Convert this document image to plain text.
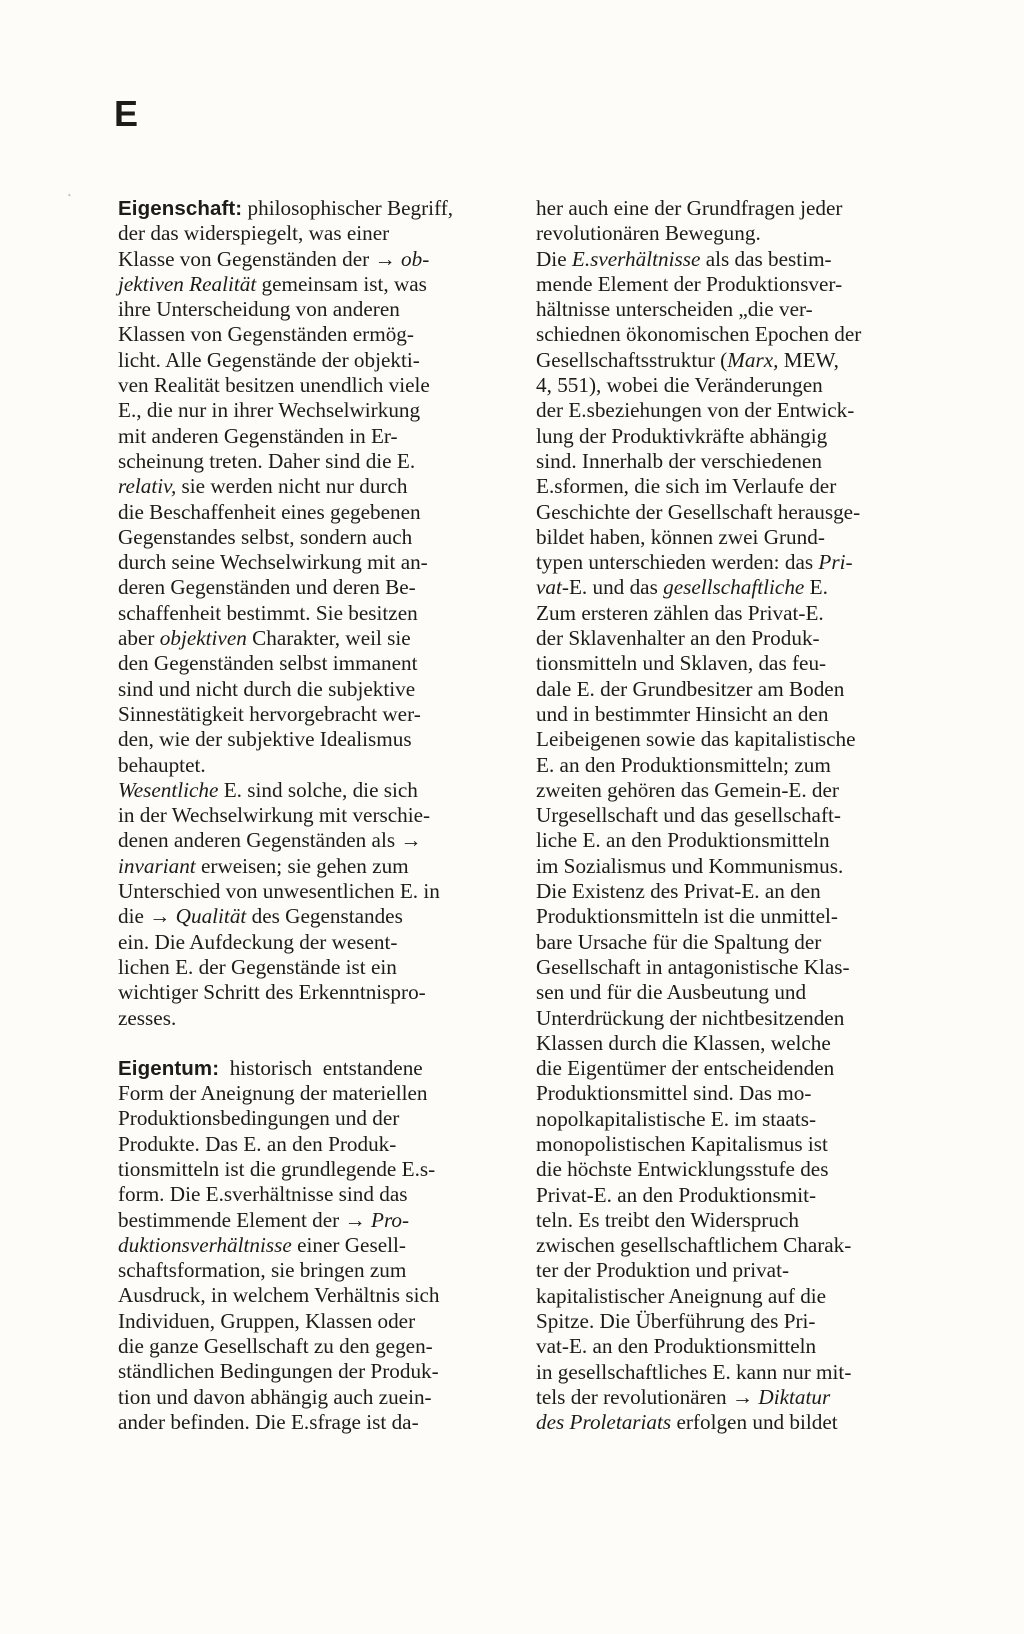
E
˛
Eigenschaft: philosophischer Begriff,
der das widerspiegelt, was einer
Klasse von Gegenständen der → ob-
jektiven Realität gemeinsam ist, was
ihre Unterscheidung von anderen
Klassen von Gegenständen ermög-
licht. Alle Gegenstände der objekti-
ven Realität besitzen unendlich viele
E., die nur in ihrer Wechselwirkung
mit anderen Gegenständen in Er-
scheinung treten. Daher sind die E.
relativ, sie werden nicht nur durch
die Beschaffenheit eines gegebenen
Gegenstandes selbst, sondern auch
durch seine Wechselwirkung mit an-
deren Gegenständen und deren Be-
schaffenheit bestimmt. Sie besitzen
aber objektiven Charakter, weil sie
den Gegenständen selbst immanent
sind und nicht durch die subjektive
Sinnestätigkeit hervorgebracht wer-
den, wie der subjektive Idealismus
behauptet.
Wesentliche E. sind solche, die sich
in der Wechselwirkung mit verschie-
denen anderen Gegenständen als →
invariant erweisen; sie gehen zum
Unterschied von unwesentlichen E. in
die → Qualität des Gegenstandes
ein. Die Aufdeckung der wesent-
lichen E. der Gegenstände ist ein
wichtiger Schritt des Erkenntnispro-
zesses.
Eigentum:  historisch  entstandene
Form der Aneignung der materiellen
Produktionsbedingungen und der
Produkte. Das E. an den Produk-
tionsmitteln ist die grundlegende E.s-
form. Die E.sverhältnisse sind das
bestimmende Element der → Pro-
duktionsverhältnisse einer Gesell-
schaftsformation, sie bringen zum
Ausdruck, in welchem Verhältnis sich
Individuen, Gruppen, Klassen oder
die ganze Gesellschaft zu den gegen-
ständlichen Bedingungen der Produk-
tion und davon abhängig auch zuein-
ander befinden. Die E.sfrage ist da-
her auch eine der Grundfragen jeder
revolutionären Bewegung.
Die E.sverhältnisse als das bestim-
mende Element der Produktionsver-
hältnisse unterscheiden „die ver-
schiednen ökonomischen Epochen der
Gesellschaftsstruktur (Marx, MEW,
4, 551), wobei die Veränderungen
der E.sbeziehungen von der Entwick-
lung der Produktivkräfte abhängig
sind. Innerhalb der verschiedenen
E.sformen, die sich im Verlaufe der
Geschichte der Gesellschaft herausge-
bildet haben, können zwei Grund-
typen unterschieden werden: das Pri-
vat-E. und das gesellschaftliche E.
Zum ersteren zählen das Privat-E.
der Sklavenhalter an den Produk-
tionsmitteln und Sklaven, das feu-
dale E. der Grundbesitzer am Boden
und in bestimmter Hinsicht an den
Leibeigenen sowie das kapitalistische
E. an den Produktionsmitteln; zum
zweiten gehören das Gemein-E. der
Urgesellschaft und das gesellschaft-
liche E. an den Produktionsmitteln
im Sozialismus und Kommunismus.
Die Existenz des Privat-E. an den
Produktionsmitteln ist die unmittel-
bare Ursache für die Spaltung der
Gesellschaft in antagonistische Klas-
sen und für die Ausbeutung und
Unterdrückung der nichtbesitzenden
Klassen durch die Klassen, welche
die Eigentümer der entscheidenden
Produktionsmittel sind. Das mo-
nopolkapitalistische E. im staats-
monopolistischen Kapitalismus ist
die höchste Entwicklungsstufe des
Privat-E. an den Produktionsmit-
teln. Es treibt den Widerspruch
zwischen gesellschaftlichem Charak-
ter der Produktion und privat-
kapitalistischer Aneignung auf die
Spitze. Die Überführung des Pri-
vat-E. an den Produktionsmitteln
in gesellschaftliches E. kann nur mit-
tels der revolutionären → Diktatur
des Proletariats erfolgen und bildet
